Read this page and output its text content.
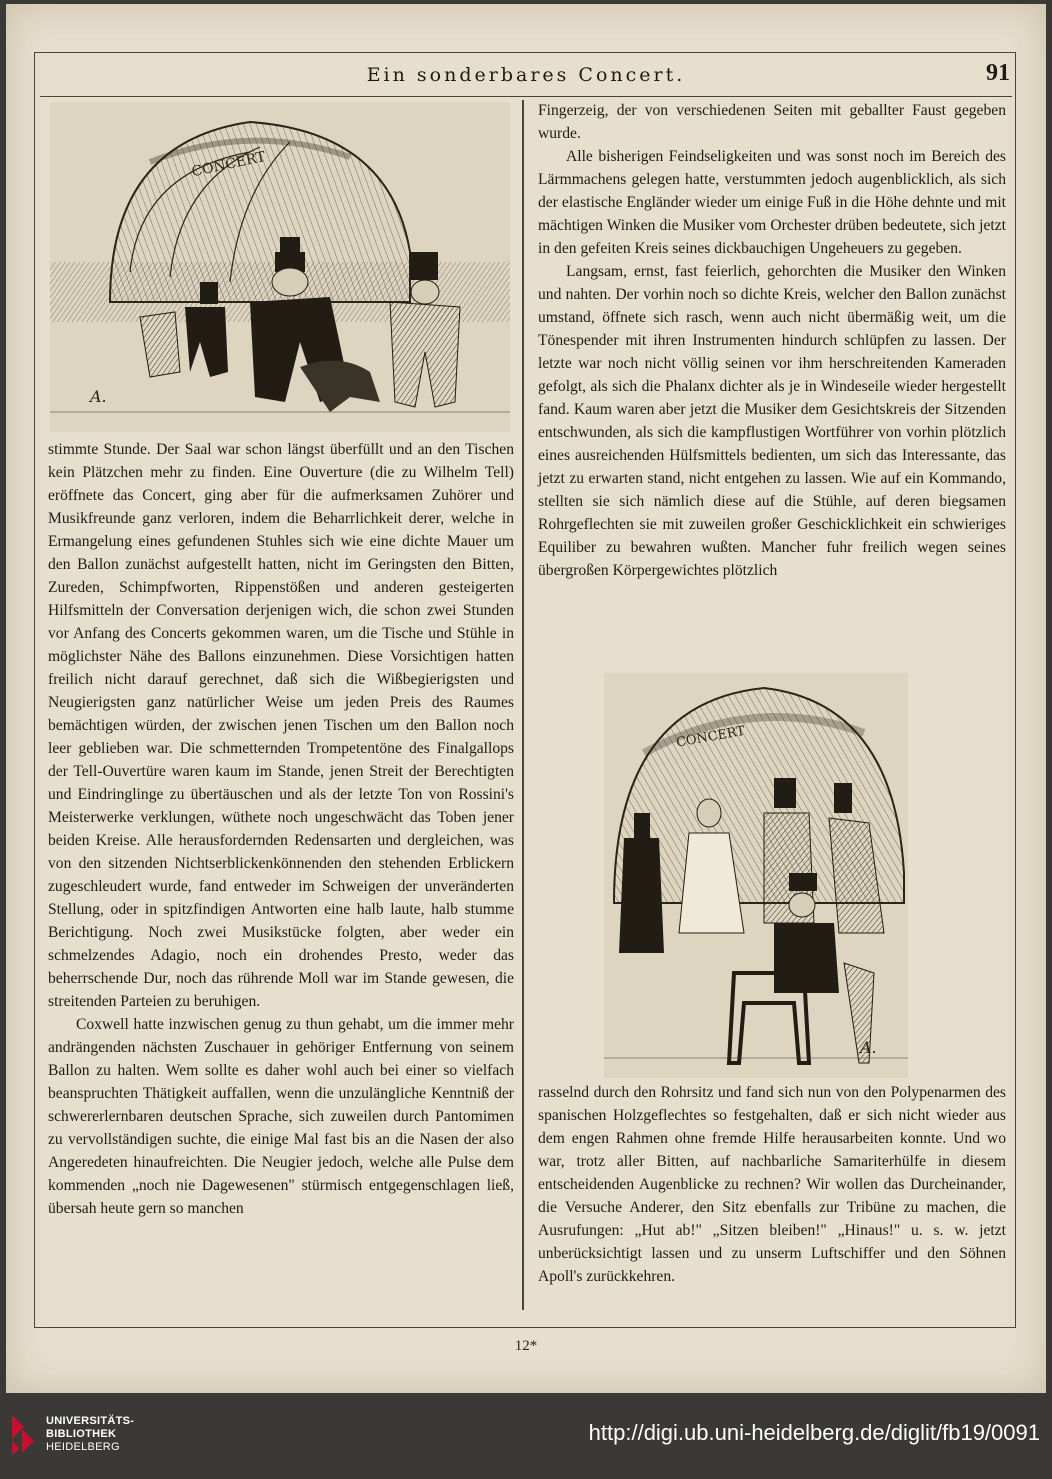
Ein sonderbares Concert.	91
CONCERT
A.
CONCERT
A.

stimmte Stunde. Der Saal war schon längst überfüllt und an den Tischen kein Plätzchen mehr zu finden. Eine Ouverture (die zu Wilhelm Tell) eröffnete das Concert, ging aber für die aufmerksamen Zuhörer und Musikfreunde ganz verloren, indem die Beharrlichkeit derer, welche in Ermangelung eines gefundenen Stuhles sich wie eine dichte Mauer um den Ballon zunächst aufgestellt hatten, nicht im Geringsten den Bitten, Zureden, Schimpfworten, Rippenstößen und anderen gesteigerten Hilfsmitteln der Conversation derjenigen wich, die schon zwei Stunden vor Anfang des Concerts gekommen waren, um die Tische und Stühle in möglichster Nähe des Ballons einzunehmen. Diese Vorsichtigen hatten freilich nicht darauf gerechnet, daß sich die Wißbegierigsten und Neugierigsten ganz natürlicher Weise um jeden Preis des Raumes bemächtigen würden, der zwischen jenen Tischen um den Ballon noch leer geblieben war. Die schmetternden Trompetentöne des Finalgallops der Tell-Ouvertüre waren kaum im Stande, jenen Streit der Berechtigten und Eindringlinge zu übertäuschen und als der letzte Ton von Rossini's Meisterwerke verklungen, wüthete noch ungeschwächt das Toben jener beiden Kreise. Alle herausfordernden Redensarten und dergleichen, was von den sitzenden Nichtserblickenkönnenden den stehenden Erblickern zugeschleudert wurde, fand entweder im Schweigen der unveränderten Stellung, oder in spitzfindigen Antworten eine halb laute, halb stumme Berichtigung. Noch zwei Musikstücke folgten, aber weder ein schmelzendes Adagio, noch ein drohendes Presto, weder das beherrschende Dur, noch das rührende Moll war im Stande gewesen, die streitenden Parteien zu beruhigen.

Coxwell hatte inzwischen genug zu thun gehabt, um die immer mehr andrängenden nächsten Zuschauer in gehöriger Entfernung von seinem Ballon zu halten. Wem sollte es daher wohl auch bei einer so vielfach beanspruchten Thätigkeit auffallen, wenn die unzulängliche Kenntniß der schwererlernbaren deutschen Sprache, sich zuweilen durch Pantomimen zu vervollständigen suchte, die einige Mal fast bis an die Nasen der also Angeredeten hinaufreichten. Die Neugier jedoch, welche alle Pulse dem kommenden „noch nie Dagewesenen" stürmisch entgegenschlagen ließ, übersah heute gern so manchen

Fingerzeig, der von verschiedenen Seiten mit geballter Faust gegeben wurde.

Alle bisherigen Feindseligkeiten und was sonst noch im Bereich des Lärmmachens gelegen hatte, verstummten jedoch augenblicklich, als sich der elastische Engländer wieder um einige Fuß in die Höhe dehnte und mit mächtigen Winken die Musiker vom Orchester drüben bedeutete, sich jetzt in den gefeiten Kreis seines dickbauchigen Ungeheuers zu gegeben.

Langsam, ernst, fast feierlich, gehorchten die Musiker den Winken und nahten. Der vorhin noch so dichte Kreis, welcher den Ballon zunächst umstand, öffnete sich rasch, wenn auch nicht übermäßig weit, um die Tönespender mit ihren Instrumenten hindurch schlüpfen zu lassen. Der letzte war noch nicht völlig seinen vor ihm herschreitenden Kameraden gefolgt, als sich die Phalanx dichter als je in Windeseile wieder hergestellt fand. Kaum waren aber jetzt die Musiker dem Gesichtskreis der Sitzenden entschwunden, als sich die kampflustigen Wortführer von vorhin plötzlich eines ausreichenden Hülfsmittels bedienten, um sich das Interessante, das jetzt zu erwarten stand, nicht entgehen zu lassen. Wie auf ein Kommando, stellten sie sich nämlich diese auf die Stühle, auf deren biegsamen Rohrgeflechten sie mit zuweilen großer Geschicklichkeit ein schwieriges Equiliber zu bewahren wußten. Mancher fuhr freilich wegen seines übergroßen Körpergewichtes plötzlich

rasselnd durch den Rohrsitz und fand sich nun von den Polypenarmen des spanischen Holzgeflechtes so festgehalten, daß er sich nicht wieder aus dem engen Rahmen ohne fremde Hilfe herausarbeiten konnte. Und wo war, trotz aller Bitten, auf nachbarliche Samariterhülfe in diesem entscheidenden Augenblicke zu rechnen? Wir wollen das Durcheinander, die Versuche Anderer, den Sitz ebenfalls zur Tribüne zu machen, die Ausrufungen: „Hut ab!" „Sitzen bleiben!" „Hinaus!" u. s. w. jetzt unberücksichtigt lassen und zu unserm Luftschiffer und den Söhnen Apoll's zurückkehren.

12*
UNIVERSITÄTS-
BIBLIOTHEK
HEIDELBERG
http://digi.ub.uni-heidelberg.de/diglit/fb19/0091
